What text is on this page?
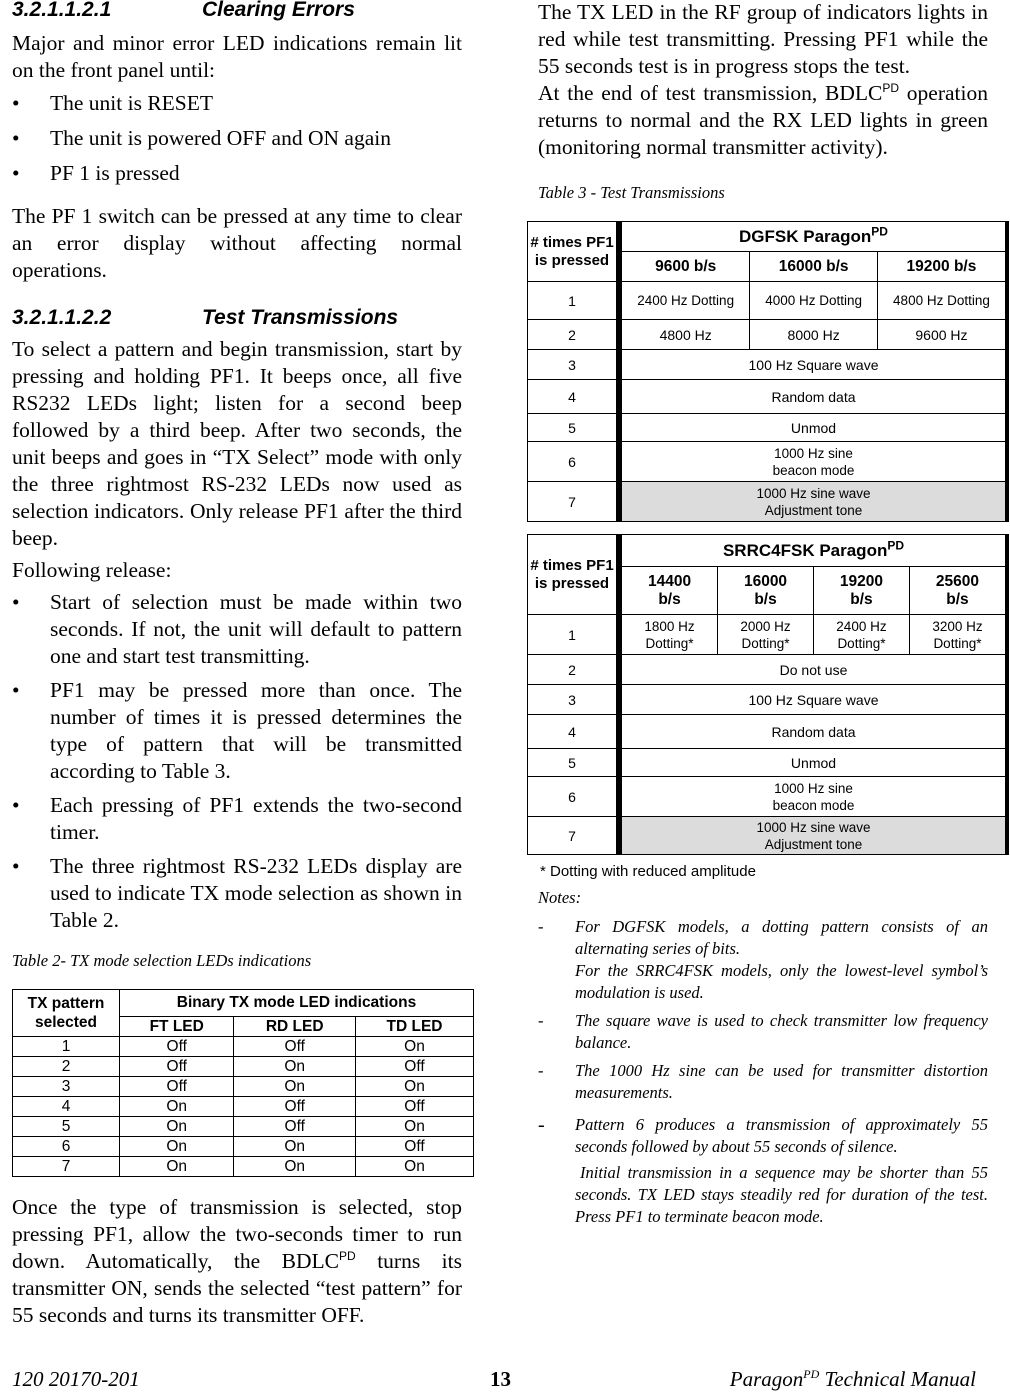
3.2.1.1.2.1	Clearing Errors

Major and minor error LED indications remain lit on the front panel until:

• The unit is RESET
• The unit is powered OFF and ON again
• PF 1 is pressed

The PF 1 switch can be pressed at any time to clear an error display without affecting normal operations.

3.2.1.1.2.2	Test Transmissions

To select a pattern and begin transmission, start by pressing and holding PF1. It beeps once, all five RS232 LEDs light; listen for a second beep followed by a third beep. After two seconds, the unit beeps and goes in “TX Select” mode with only the three rightmost RS-232 LEDs now used as selection indicators. Only release PF1 after the third beep.

Following release:

• Start of selection must be made within two seconds. If not, the unit will default to pattern one and start test transmitting.
• PF1 may be pressed more than once. The number of times it is pressed determines the type of pattern that will be transmitted according to Table 3.
• Each pressing of PF1 extends the two-second timer.
• The three rightmost RS-232 LEDs display are used to indicate TX mode selection as shown in Table 2.
Table 2- TX mode selection LEDs indications
TX pattern selected	Binary TX mode LED indications		
	FT LED	RD LED	TD LED
1	Off	Off	On
2	Off	On	Off
3	Off	On	On
4	On	Off	Off
5	On	Off	On
6	On	On	Off
7	On	On	On

Once the type of transmission is selected, stop pressing PF1, allow the two-seconds timer to run down. Automatically, the $BDLC^{PD}$ turns its transmitter ON, sends the selected “test pattern” for 55 seconds and turns its transmitter OFF.

The TX LED in the RF group of indicators lights in red while test transmitting. Pressing PF1 while the 55 seconds test is in progress stops the test.

At the end of test transmission, $BDLC^{PD}$ operation returns to normal and the RX LED lights in green (monitoring normal transmitter activity).

Table 3 - Test Transmissions
# times PF1 is pressed	DGFSK Paragon$^{PD}$
	9600 b/s	16000 b/s	19200 b/s
1	2400 Hz Dotting	4000 Hz Dotting	4800 Hz Dotting
2	4800 Hz	8000 Hz	9600 Hz
3	100 Hz Square wave		
4	Random data		
5	Unmod		
6	1000 Hz sine beacon mode		
7	1000 Hz sine wave Adjustment tone		
# times PF1 is pressed	SRRC4FSK Paragon$^{PD}$
	14400 b/s	16000 b/s	19200 b/s	25600 b/s
1	1800 Hz Dotting*	2000 Hz Dotting*	2400 Hz Dotting*	3200 Hz Dotting*
2	Do not use			
3	100 Hz Square wave			
4	Random data			
5	Unmod			
6	1000 Hz sine beacon mode			
7	1000 Hz sine wave Adjustment tone			
* Dotting with reduced amplitude
Notes:
- For DGFSK models, a dotting pattern consists of an alternating series of bits.
For the SRRC4FSK models, only the lowest-level symbol’s modulation is used.
- The square wave is used to check transmitter low frequency balance.
- The 1000 Hz sine can be used for transmitter distortion measurements.
- Pattern 6 produces a transmission of approximately 55 seconds followed by about 55 seconds of silence.
Initial transmission in a sequence may be shorter than 55 seconds. TX LED stays steadily red for duration of the test. Press PF1 to terminate beacon mode.
120 20170-201	13	Paragon$^{PD}$ Technical Manual
